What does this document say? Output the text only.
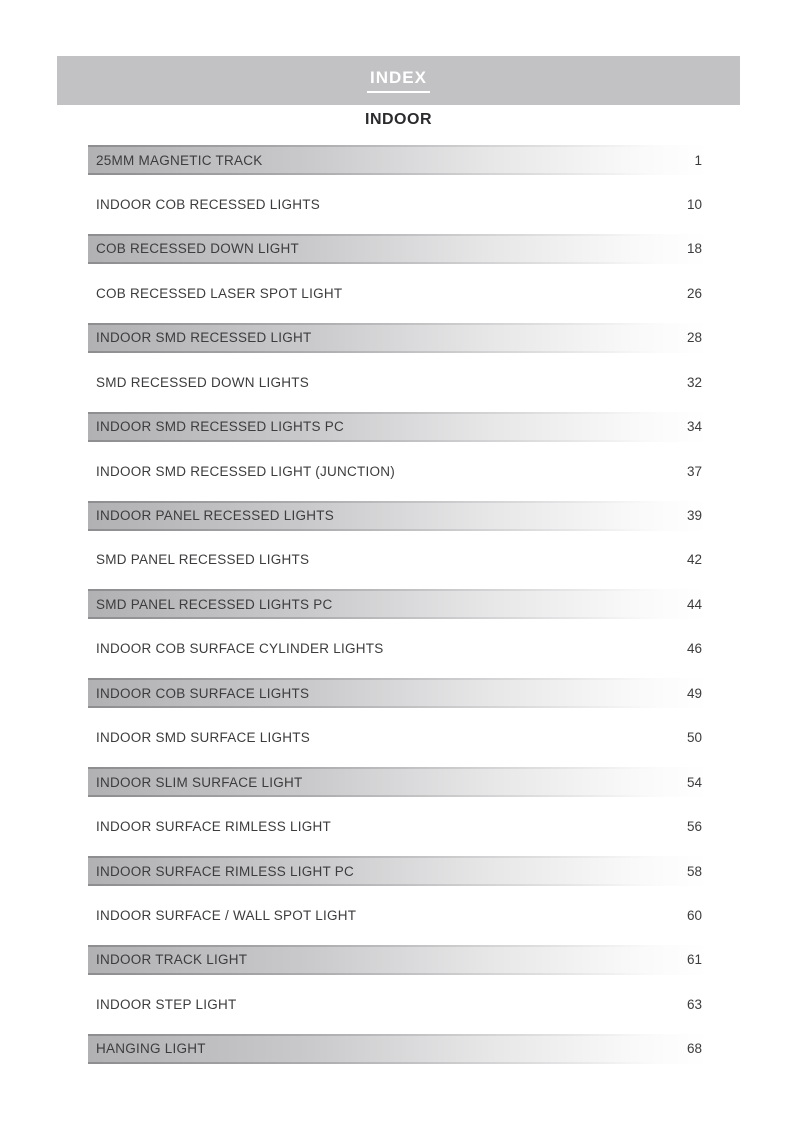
INDEX
INDOOR
25MM MAGNETIC TRACK	1
INDOOR COB RECESSED LIGHTS	10
COB RECESSED DOWN LIGHT	18
COB RECESSED LASER SPOT LIGHT	26
INDOOR SMD RECESSED LIGHT	28
SMD RECESSED DOWN LIGHTS	32
INDOOR SMD RECESSED LIGHTS PC	34
INDOOR SMD RECESSED LIGHT (JUNCTION)	37
INDOOR PANEL RECESSED LIGHTS	39
SMD PANEL RECESSED LIGHTS	42
SMD PANEL RECESSED LIGHTS PC	44
INDOOR COB SURFACE CYLINDER LIGHTS	46
INDOOR COB SURFACE LIGHTS	49
INDOOR SMD SURFACE LIGHTS	50
INDOOR SLIM SURFACE LIGHT	54
INDOOR SURFACE RIMLESS LIGHT	56
INDOOR SURFACE RIMLESS LIGHT PC	58
INDOOR SURFACE / WALL SPOT LIGHT	60
INDOOR TRACK LIGHT	61
INDOOR STEP LIGHT	63
HANGING LIGHT	68
